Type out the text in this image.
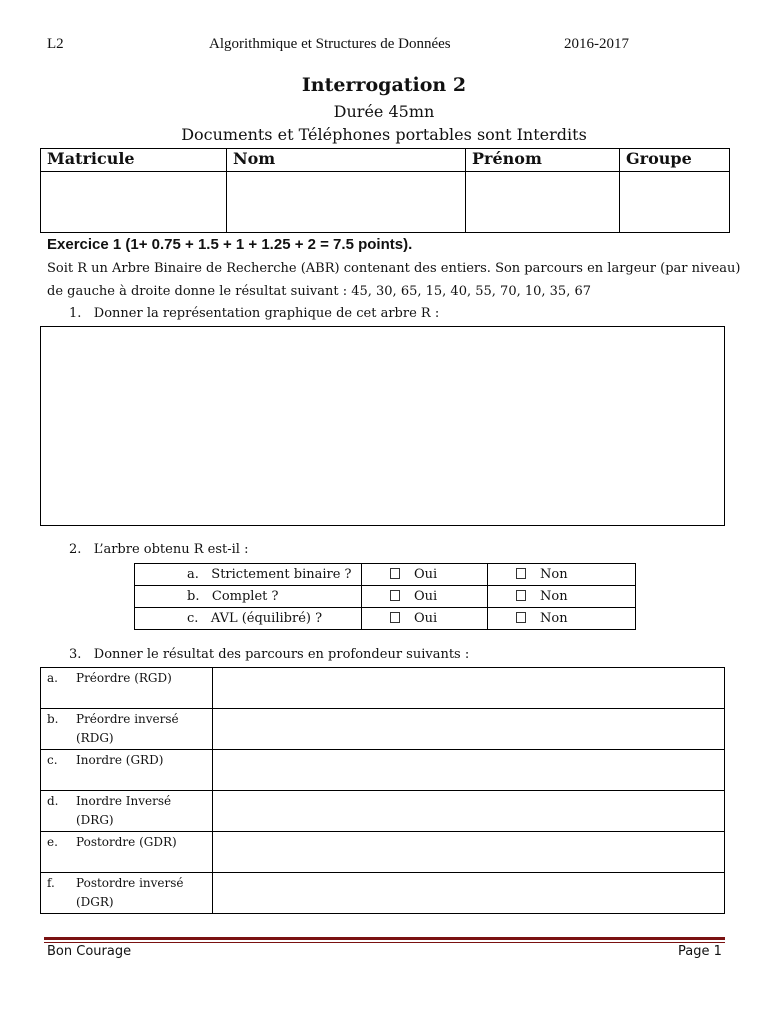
L2	Algorithmique et Structures de Données	2016-2017
Interrogation 2
Durée 45mn
Documents et Téléphones portables sont Interdits
Matricule	Nom	Prénom	Groupe

Exercice 1 (1+ 0.75 + 1.5 + 1 + 1.25 + 2 = 7.5 points).
Soit R un Arbre Binaire de Recherche (ABR) contenant des entiers. Son parcours en largeur (par niveau)
de gauche à droite donne le résultat suivant : 45, 30, 65, 15, 40, 55, 70, 10, 35, 67
1.   Donner la représentation graphique de cet arbre R :
2.   L’arbre obtenu R est-il :
a. Strictement binaire ?	Oui	Non
b. Complet ?	Oui	Non
c. AVL (équilibré) ?	Oui	Non
3.   Donner le résultat des parcours en profondeur suivants :
a. Préordre (RGD)	

b. Préordre inversé
(RDG)	

c. Inordre (GRD)	

d. Inordre Inversé
(DRG)	

e. Postordre (GDR)	

f. Postordre inversé
(DGR)	

Bon Courage	Page 1
